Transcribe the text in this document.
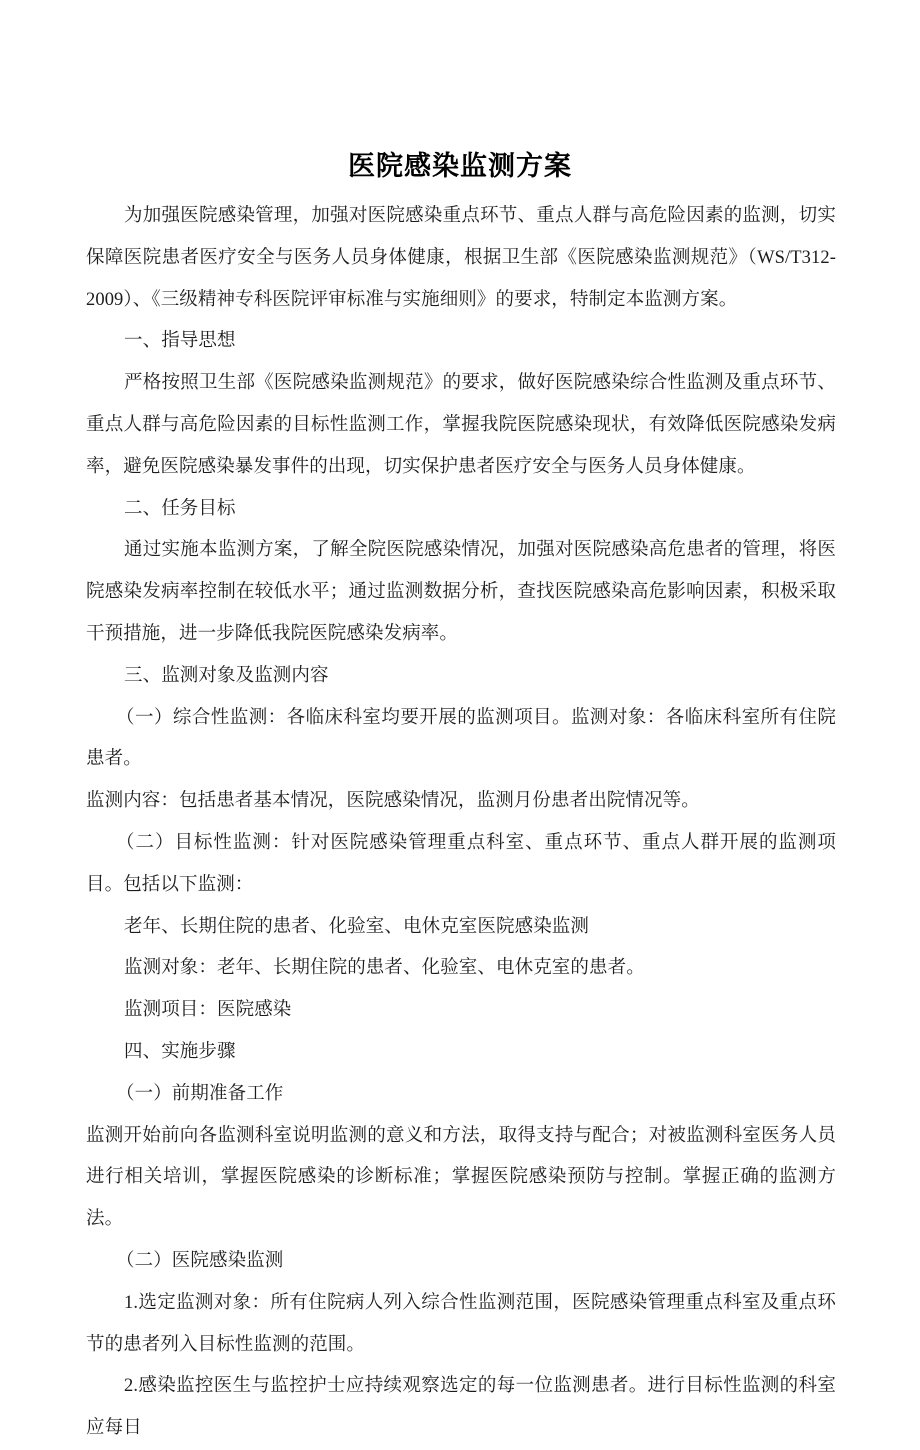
医院感染监测方案

为加强医院感染管理，加强对医院感染重点环节、重点人群与高危险因素的监测，切实保障医院患者医疗安全与医务人员身体健康，根据卫生部《医院感染监测规范》（WS/T312-2009）、《三级精神专科医院评审标准与实施细则》的要求，特制定本监测方案。

一、指导思想

严格按照卫生部《医院感染监测规范》的要求，做好医院感染综合性监测及重点环节、重点人群与高危险因素的目标性监测工作，掌握我院医院感染现状，有效降低医院感染发病率，避免医院感染暴发事件的出现，切实保护患者医疗安全与医务人员身体健康。

二、任务目标

通过实施本监测方案，了解全院医院感染情况，加强对医院感染高危患者的管理，将医院感染发病率控制在较低水平；通过监测数据分析，查找医院感染高危影响因素，积极采取干预措施，进一步降低我院医院感染发病率。

三、监测对象及监测内容

（一）综合性监测：各临床科室均要开展的监测项目。监测对象：各临床科室所有住院患者。

监测内容：包括患者基本情况，医院感染情况，监测月份患者出院情况等。

（二）目标性监测：针对医院感染管理重点科室、重点环节、重点人群开展的监测项目。包括以下监测：

老年、长期住院的患者、化验室、电休克室医院感染监测

监测对象：老年、长期住院的患者、化验室、电休克室的患者。

监测项目：医院感染

四、实施步骤

（一）前期准备工作

监测开始前向各监测科室说明监测的意义和方法，取得支持与配合；对被监测科室医务人员进行相关培训，掌握医院感染的诊断标准；掌握医院感染预防与控制。掌握正确的监测方法。

（二）医院感染监测

1.选定监测对象：所有住院病人列入综合性监测范围，医院感染管理重点科室及重点环节的患者列入目标性监测的范围。

2.感染监控医生与监控护士应持续观察选定的每一位监测患者。进行目标性监测的科室应每日
